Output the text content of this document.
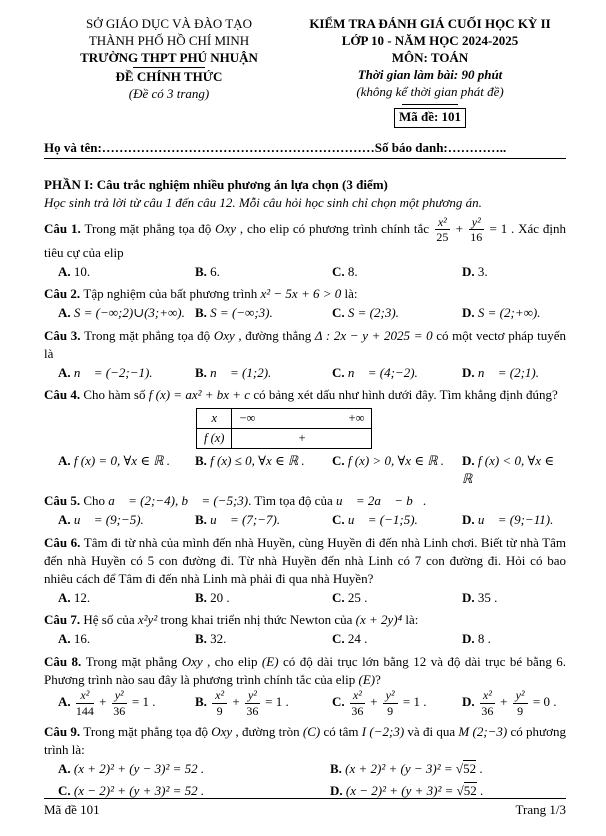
SỞ GIÁO DỤC VÀ ĐÀO TẠO
THÀNH PHỐ HỒ CHÍ MINH
TRƯỜNG THPT PHÚ NHUẬN
ĐỀ CHÍNH THỨC
(Đề có 3 trang)
KIỂM TRA ĐÁNH GIÁ CUỐI HỌC KỲ II
LỚP 10 - NĂM HỌC 2024-2025
MÔN: TOÁN
Thời gian làm bài: 90 phút
(không kể thời gian phát đề)
Mã đề: 101
Họ và tên:………………………………………………………Số báo danh:…………..
PHẦN I: Câu trắc nghiệm nhiều phương án lựa chọn (3 điểm)
Học sinh trả lời từ câu 1 đến câu 12. Mỗi câu hỏi học sinh chỉ chọn một phương án.

Câu 1. Trong mặt phẳng tọa độ Oxy , cho elip có phương trình chính tắc $\frac{\text{x²}}{25} + \frac{\text{y²}}{16} = 1$ . Xác định tiêu cự của elip

A. 10.	B. 6.	C. 8.	D. 3.

Câu 2. Tập nghiệm của bất phương trình x² − 5x + 6 > 0 là:

A. S = (−∞;2)∪(3;+∞). B. S = (−∞;3).	C. S = (2;3).	D. S = (2;+∞).

Câu 3. Trong mặt phẳng tọa độ Oxy , đường thẳng Δ : 2x − y + 2025 = 0 có một vectơ pháp tuyến là

A. n⃗ = (−2;−1).	B. n⃗ = (1;2).	C. n⃗ = (4;−2).	D. n⃗ = (2;1).

Câu 4. Cho hàm số f (x) = ax² + bx + c có bảng xét dấu như hình dưới đây. Tìm khẳng định đúng?

x	−∞ +∞

f (x)	+
A. f (x) = 0, ∀x ∈ ℝ .	B. f (x) ≤ 0, ∀x ∈ ℝ .	C. f (x) > 0, ∀x ∈ ℝ .	D. f (x) < 0, ∀x ∈ ℝ

Câu 5. Cho a⃗ = (2;−4), b⃗ = (−5;3). Tìm tọa độ của u⃗ = 2a⃗ − b⃗.

A. u⃗ = (9;−5).	B. u⃗ = (7;−7).	C. u⃗ = (−1;5).	D. u⃗ = (9;−11).

Câu 6. Tâm đi từ nhà của mình đến nhà Huyền, cùng Huyền đi đến nhà Linh chơi. Biết từ nhà Tâm đến nhà Huyền có 5 con đường đi. Từ nhà Huyền đến nhà Linh có 7 con đường đi. Hỏi có bao nhiêu cách để Tâm đi đến nhà Linh mà phải đi qua nhà Huyền?

A. 12.	B. 20 .	C. 25 .	D. 35 .

Câu 7. Hệ số của x²y² trong khai triển nhị thức Newton của (x + 2y)⁴ là:

A. 16.	B. 32.	C. 24 .	D. 8 .

Câu 8. Trong mặt phẳng Oxy , cho elip (E) có độ dài trục lớn bằng 12 và độ dài trục bé bằng 6. Phương trình nào sau đây là phương trình chính tắc của elip (E)?

A. $\frac{\text{x²}}{144} + \frac{\text{y²}}{36} = 1$ .	B. $\frac{\text{x²}}{9} + \frac{\text{y²}}{36} = 1$ .	C. $\frac{\text{x²}}{36} + \frac{\text{y²}}{9} = 1$ .	D. $\frac{\text{x²}}{36} + \frac{\text{y²}}{9} = 0$ .

Câu 9. Trong mặt phẳng tọa độ Oxy , đường tròn (C) có tâm I (−2;3) và đi qua M (2;−3) có phương trình là:

A. (x + 2)² + (y − 3)² = 52 .	B. (x + 2)² + (y − 3)² = √52 .
C. (x − 2)² + (y + 3)² = 52 .	D. (x − 2)² + (y + 3)² = √52 .
Mã đề 101	Trang 1/3
